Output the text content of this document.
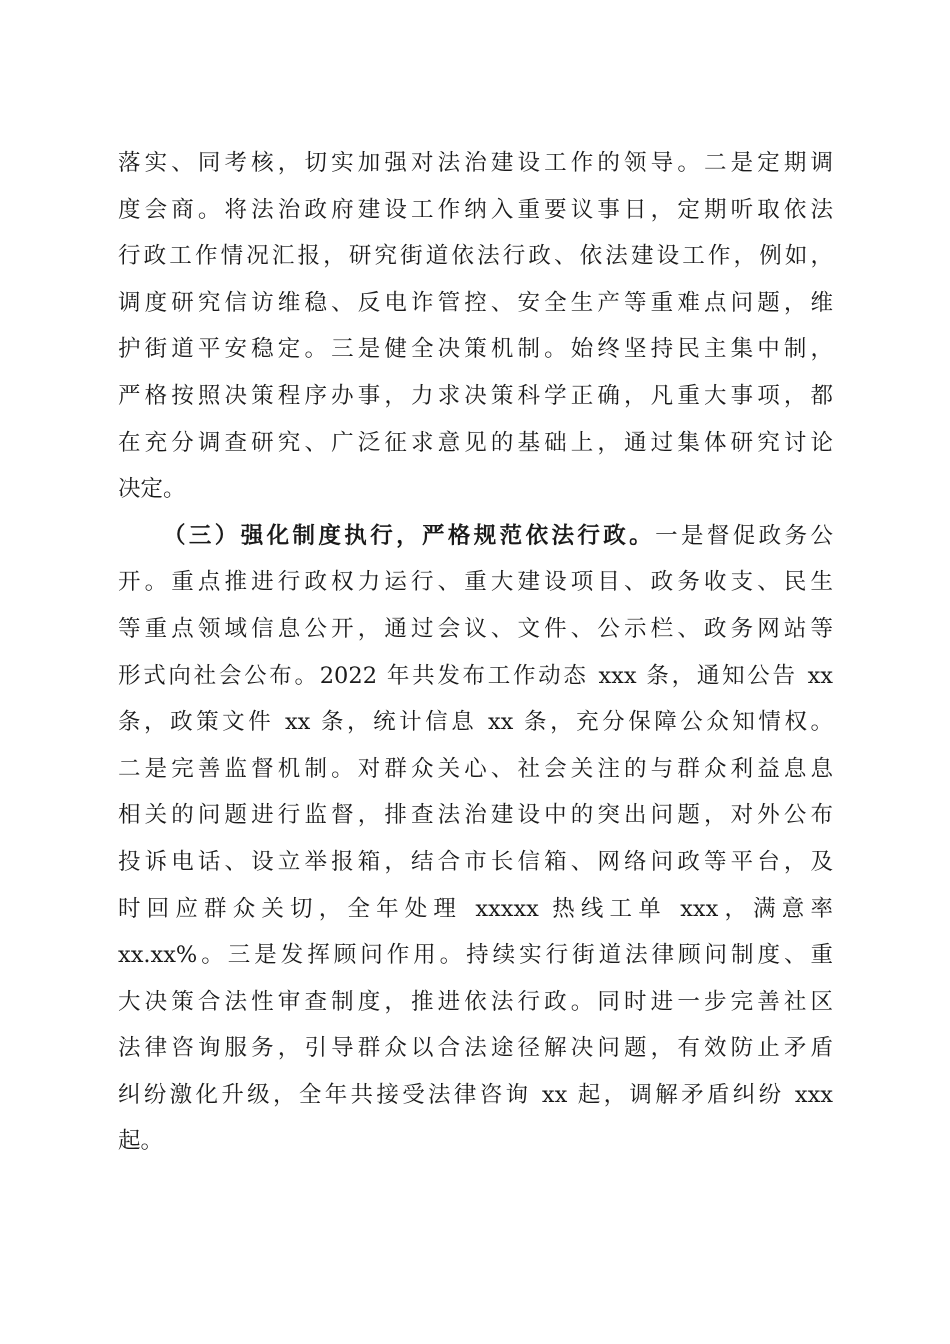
落实、同考核，切实加强对法治建设工作的领导。二是定期调
度会商。将法治政府建设工作纳入重要议事日，定期听取依法
行政工作情况汇报，研究街道依法行政、依法建设工作，例如，
调度研究信访维稳、反电诈管控、安全生产等重难点问题，维
护街道平安稳定。三是健全决策机制。始终坚持民主集中制，
严格按照决策程序办事，力求决策科学正确，凡重大事项，都
在充分调查研究、广泛征求意见的基础上，通过集体研究讨论
决定。
（三）强化制度执行，严格规范依法行政。一是督促政务公
开。重点推进行政权力运行、重大建设项目、政务收支、民生
等重点领域信息公开，通过会议、文件、公示栏、政务网站等
形式向社会公布。2022 年共发布工作动态 xxx 条，通知公告 xx
条，政策文件 xx 条，统计信息 xx 条，充分保障公众知情权。
二是完善监督机制。对群众关心、社会关注的与群众利益息息
相关的问题进行监督，排查法治建设中的突出问题，对外公布
投诉电话、设立举报箱，结合市长信箱、网络问政等平台，及
时回应群众关切，全年处理 xxxxx 热线工单 xxx，满意率
xx.xx%。三是发挥顾问作用。持续实行街道法律顾问制度、重
大决策合法性审查制度，推进依法行政。同时进一步完善社区
法律咨询服务，引导群众以合法途径解决问题，有效防止矛盾
纠纷激化升级，全年共接受法律咨询 xx 起，调解矛盾纠纷 xxx
起。
